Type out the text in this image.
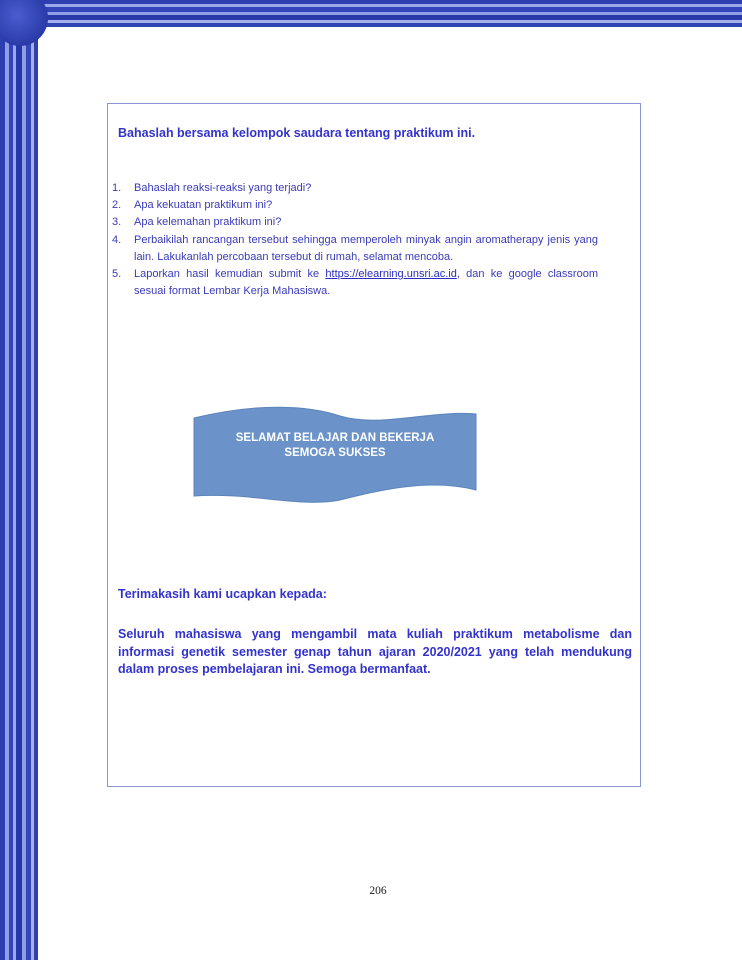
Bahaslah bersama kelompok saudara tentang praktikum ini.
1. Bahaslah reaksi-reaksi yang terjadi?
2. Apa kekuatan praktikum ini?
3. Apa kelemahan praktikum ini?
4. Perbaikilah rancangan tersebut sehingga memperoleh minyak angin aromatherapy jenis yang lain. Lakukanlah percobaan tersebut di rumah, selamat mencoba.
5. Laporkan hasil kemudian submit ke https://elearning.unsri.ac.id, dan ke google classroom sesuai format Lembar Kerja Mahasiswa.
SELAMAT BELAJAR DAN BEKERJA
SEMOGA SUKSES
Terimakasih kami ucapkan kepada:
Seluruh mahasiswa yang mengambil mata kuliah praktikum metabolisme dan informasi genetik semester genap tahun ajaran 2020/2021 yang telah mendukung dalam proses pembelajaran ini. Semoga bermanfaat.
206
